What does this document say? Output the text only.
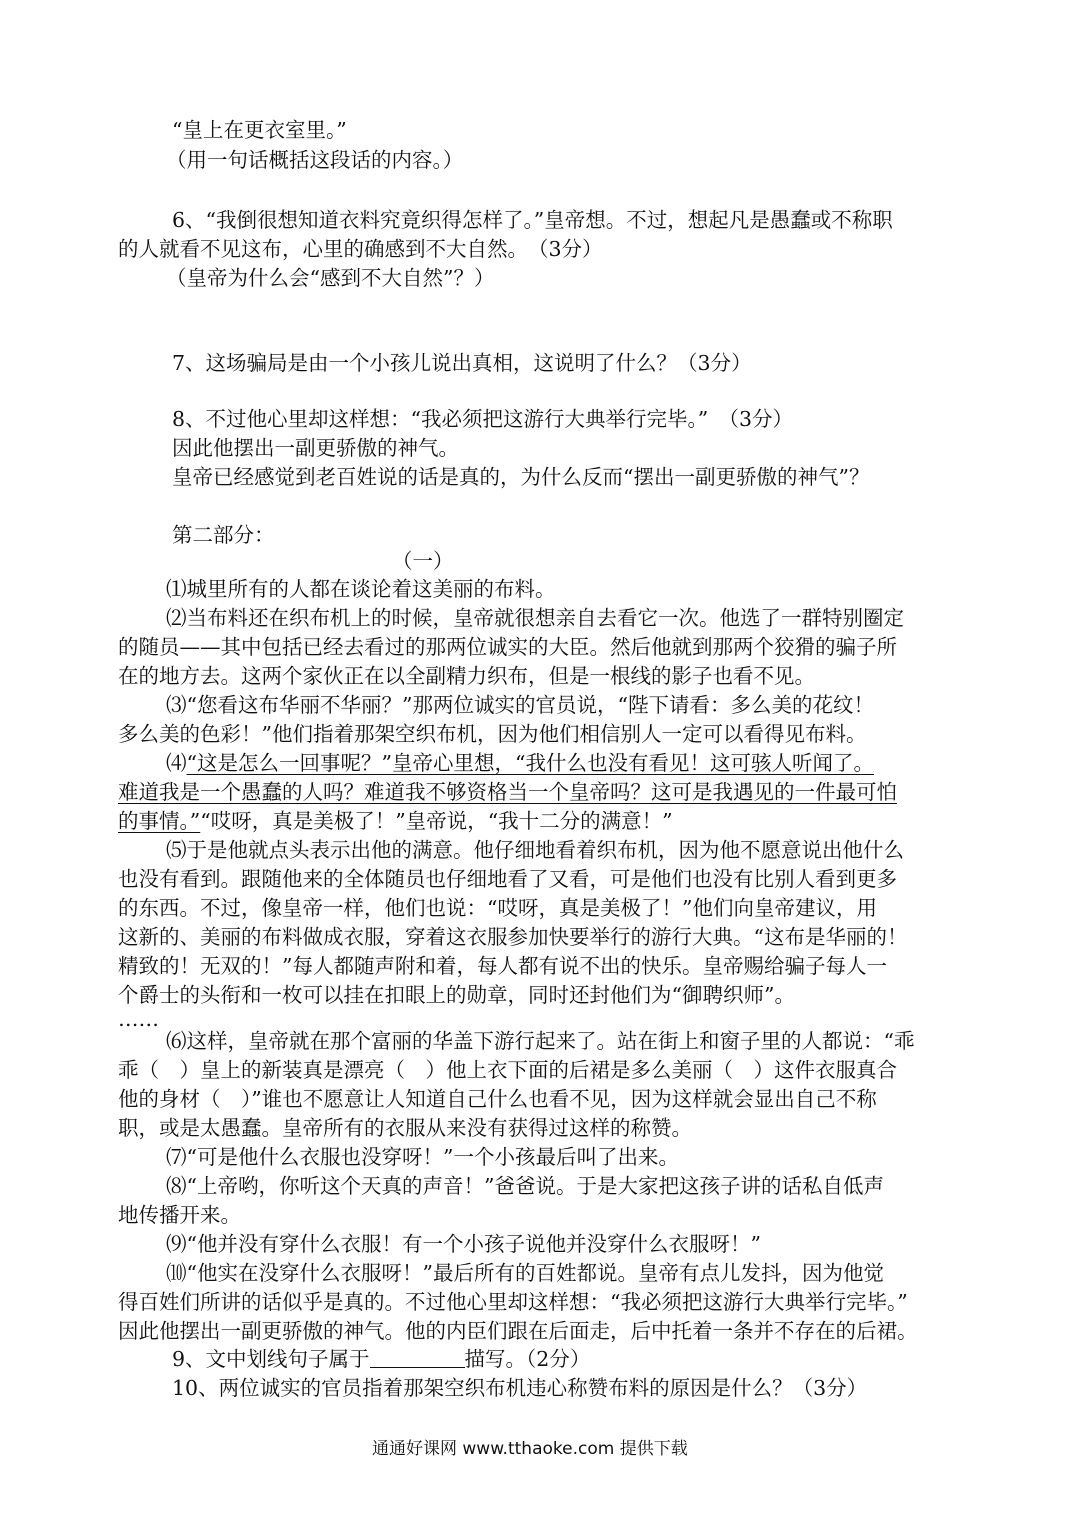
“皇上在更衣室里。”
（用一句话概括这段话的内容。）
6、“我倒很想知道衣料究竟织得怎样了。”皇帝想。不过，想起凡是愚蠢或不称职
的人就看不见这布，心里的确感到不大自然。　（3分）
（皇帝为什么会“感到不大自然”？）
7、这场骗局是由一个小孩儿说出真相，这说明了什么？（3分）
8、不过他心里却这样想：“我必须把这游行大典举行完毕。”　（3分）
因此他摆出一副更骄傲的神气。
皇帝已经感觉到老百姓说的话是真的，为什么反而“摆出一副更骄傲的神气”？
第二部分：
（一）
⑴城里所有的人都在谈论着这美丽的布料。
⑵当布料还在织布机上的时候，皇帝就很想亲自去看它一次。他选了一群特别圈定
的随员——其中包括已经去看过的那两位诚实的大臣。然后他就到那两个狡猾的骗子所
在的地方去。这两个家伙正在以全副精力织布，但是一根线的影子也看不见。
⑶“您看这布华丽不华丽？”那两位诚实的官员说，“陛下请看：多么美的花纹！
多么美的色彩！”他们指着那架空织布机，因为他们相信别人一定可以看得见布料。
⑷“这是怎么一回事呢？”皇帝心里想，“我什么也没有看见！这可骇人听闻了。
难道我是一个愚蠢的人吗？难道我不够资格当一个皇帝吗？这可是我遇见的一件最可怕
的事情。”“哎呀，真是美极了！”皇帝说，“我十二分的满意！”
⑸于是他就点头表示出他的满意。他仔细地看着织布机，因为他不愿意说出他什么
也没有看到。跟随他来的全体随员也仔细地看了又看，可是他们也没有比别人看到更多
的东西。不过，像皇帝一样，他们也说：“哎呀，真是美极了！”他们向皇帝建议，用
这新的、美丽的布料做成衣服，穿着这衣服参加快要举行的游行大典。“这布是华丽的！
精致的！无双的！”每人都随声附和着，每人都有说不出的快乐。皇帝赐给骗子每人一
个爵士的头衔和一枚可以挂在扣眼上的勋章，同时还封他们为“御聘织师”。
……
⑹这样，皇帝就在那个富丽的华盖下游行起来了。站在街上和窗子里的人都说：“乖
乖（　）皇上的新装真是漂亮（　）他上衣下面的后裙是多么美丽（　）这件衣服真合
他的身材（　）”谁也不愿意让人知道自己什么也看不见，因为这样就会显出自己不称
职，或是太愚蠢。皇帝所有的衣服从来没有获得过这样的称赞。
⑺“可是他什么衣服也没穿呀！”一个小孩最后叫了出来。
⑻“上帝哟，你听这个天真的声音！”爸爸说。于是大家把这孩子讲的话私自低声
地传播开来。
⑼“他并没有穿什么衣服！有一个小孩子说他并没穿什么衣服呀！”
⑽“他实在没穿什么衣服呀！”最后所有的百姓都说。皇帝有点儿发抖，因为他觉
得百姓们所讲的话似乎是真的。不过他心里却这样想：“我必须把这游行大典举行完毕。”
因此他摆出一副更骄傲的神气。他的内臣们跟在后面走，后中托着一条并不存在的后裙。
9、文中划线句子属于	描写。（2分）
10、两位诚实的官员指着那架空织布机违心称赞布料的原因是什么？（3分）
通通好课网 www.tthaoke.com 提供下载
